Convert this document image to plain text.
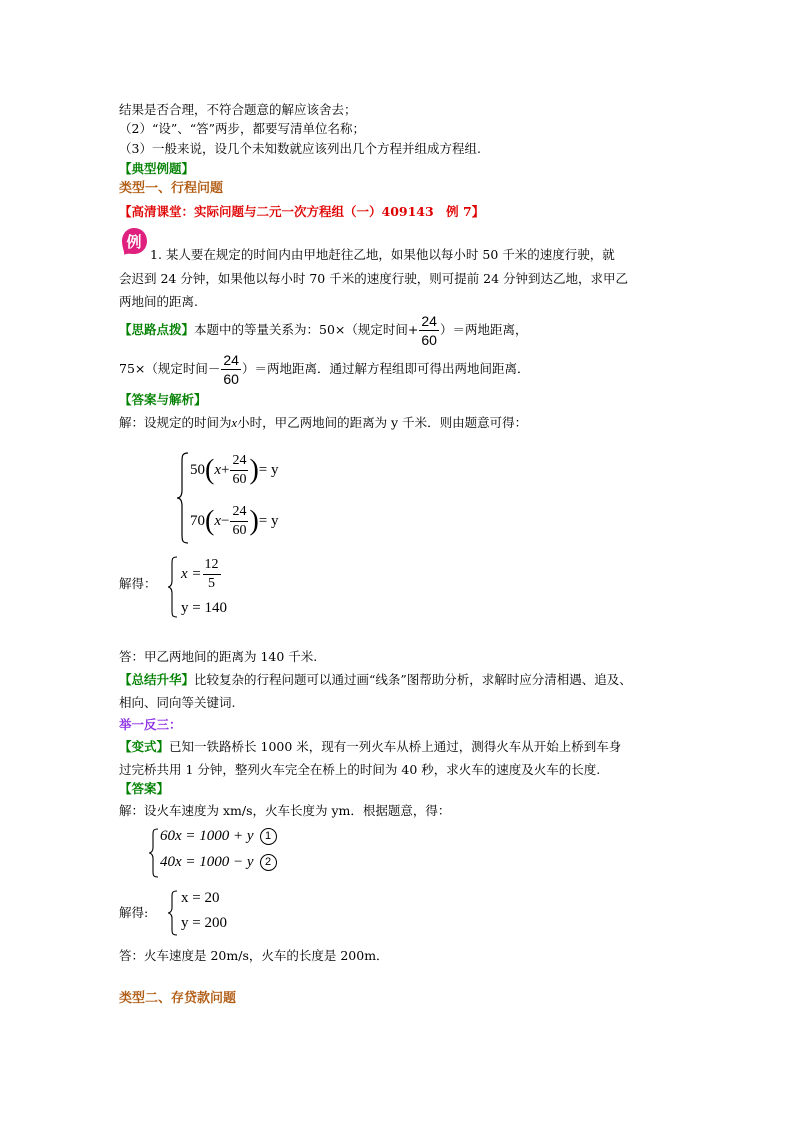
结果是否合理，不符合题意的解应该舍去；
（2）“设”、“答”两步，都要写清单位名称；
（3）一般来说，设几个未知数就应该列出几个方程并组成方程组.
【典型例题】
类型一、行程问题
【高清课堂：实际问题与二元一次方程组（一）409143　例 7】
例
1. 某人要在规定的时间内由甲地赶往乙地，如果他以每小时 50 千米的速度行驶，就
会迟到 24 分钟，如果他以每小时 70 千米的速度行驶，则可提前 24 分钟到达乙地，求甲乙
两地间的距离.
【思路点拨】本题中的等量关系为：50×（规定时间+ $\frac{24}{60}$ ）＝两地距离，
75×（规定时间－ $\frac{24}{60}$ ）＝两地距离．通过解方程组即可得出两地间距离．
【答案与解析】
解：设规定的时间为x小时，甲乙两地间的距离为 y 千米．则由题意可得：
$50(x+ \frac{24}{60}$ )= y
$70(x- \frac{24}{60}$ )= y
解得：
$x = \frac{12}{5}$
y = 140
答：甲乙两地间的距离为 140 千米.
【总结升华】比较复杂的行程问题可以通过画“线条”图帮助分析，求解时应分清相遇、追及、
相向、同向等关键词.
举一反三：
【变式】已知一铁路桥长 1000 米，现有一列火车从桥上通过，测得火车从开始上桥到车身
过完桥共用 1 分钟，整列火车完全在桥上的时间为 40 秒，求火车的速度及火车的长度.
【答案】
解：设火车速度为 xm/s，火车长度为 ym．根据题意，得：
60x = 1000 + y 1
40x = 1000 − y 2
解得:
x = 20
y = 200
答：火车速度是 20m/s，火车的长度是 200m．
类型二、存贷款问题
